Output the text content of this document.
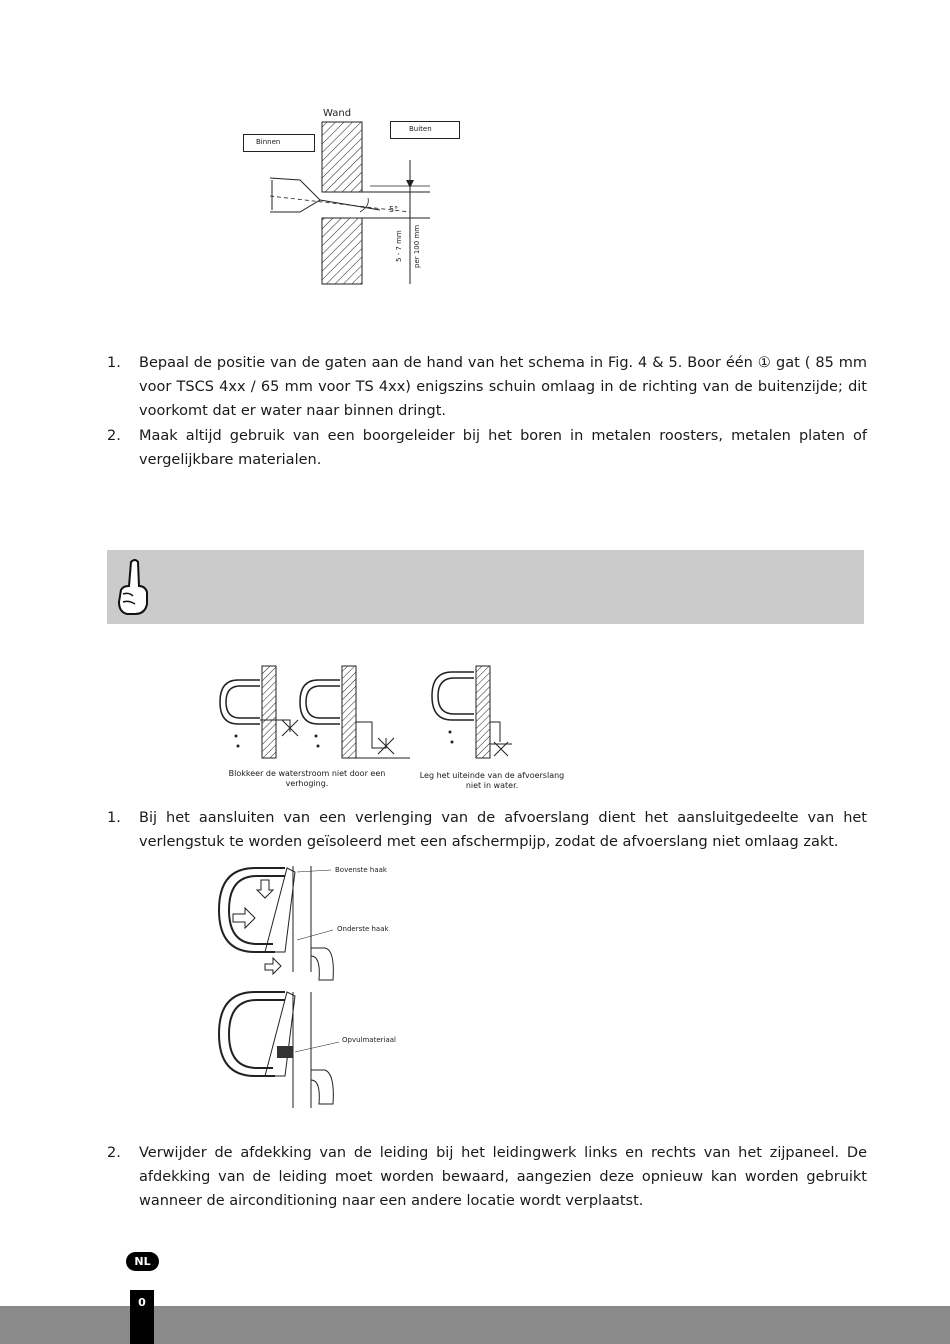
Wand
Binnen
Buiten
5°
5 - 7 mm per 100 mm
1.	Bepaal de positie van de gaten aan de hand van het schema in Fig. 4 & 5. Boor één ① gat ( 85 mm voor TSCS 4xx / 65 mm voor TS 4xx) enigszins schuin omlaag in de richting van de buitenzijde; dit voorkomt dat er water naar binnen dringt.
2.	Maak altijd gebruik van een boorgeleider bij het boren in metalen roosters, metalen platen of vergelijkbare materialen.
Blokkeer de waterstroom niet door een verhoging.
Leg het uiteinde van de afvoerslang niet in water.
1.	Bij het aansluiten van een verlenging van de afvoerslang dient het aansluitgedeelte van het verlengstuk te worden geïsoleerd met een afschermpijp, zodat de afvoerslang niet omlaag zakt.
Bovenste haak
Onderste haak
Opvulmateriaal
2.	Verwijder de afdekking van de leiding bij het leidingwerk links en rechts van het zijpaneel. De afdekking van de leiding moet worden bewaard, aangezien deze opnieuw kan worden gebruikt wanneer de airconditioning naar een andere locatie wordt verplaatst.
NL
0
